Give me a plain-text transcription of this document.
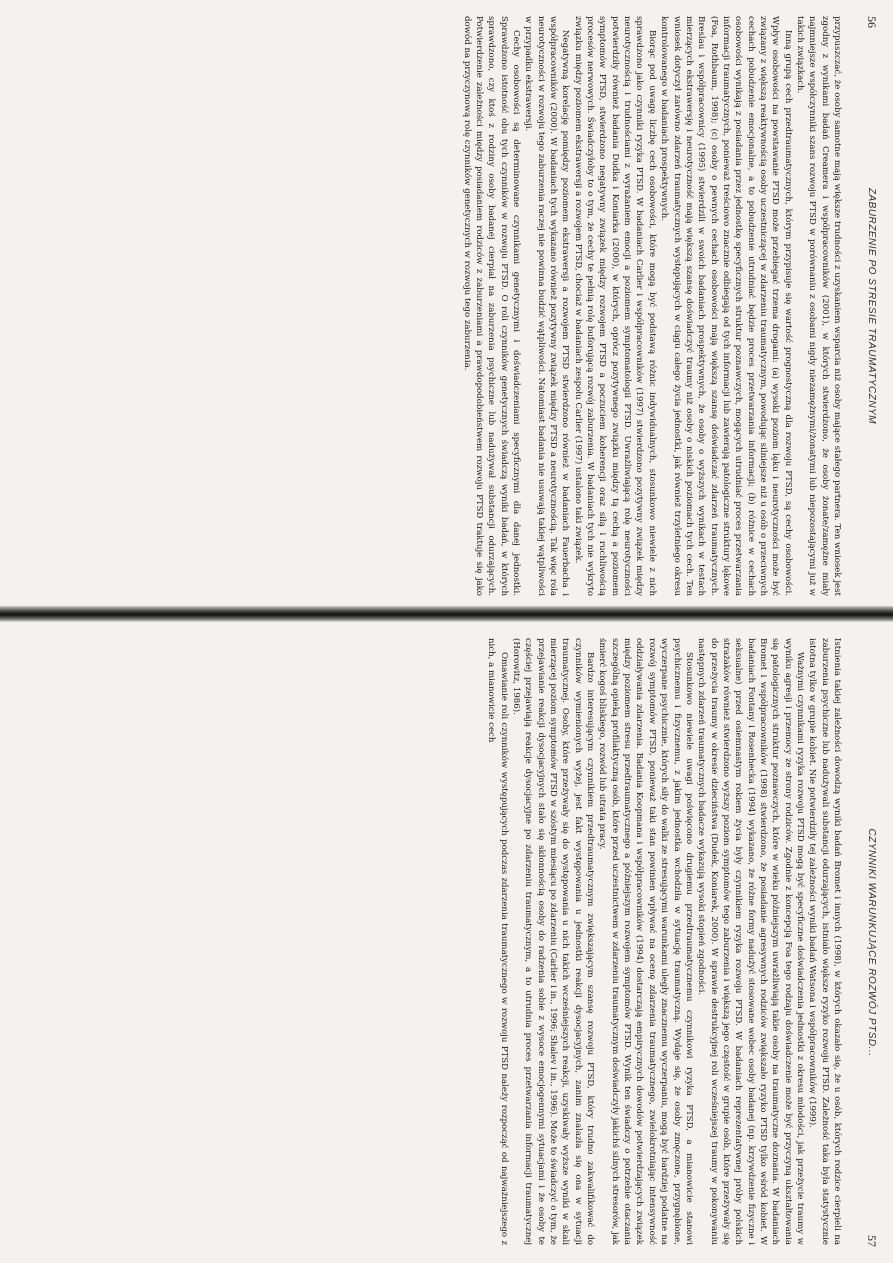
56
ZABURZENIE PO STRESIE TRAUMATYCZNYM

przypuszczać, że osoby samotne mają większe trudności z uzyskaniem wsparcia niż osoby mające stałego partnera. Ten wniosek jest zgodny z wynikami badań Creamera i współpracowników (2001), w których stwierdzono, że osoby żonate/zamężne miały najmniejsze współczynniki szans rozwoju PTSD w porównaniu z osobami nigdy niezamężnymi/żonatymi lub niepozostającymi już w takich związkach.

Inną grupą cech przedtraumatycznych, którym przypisuje się wartość prognostyczną dla rozwoju PTSD, są cechy osobowości. Wpływ osobowości na powstawanie PTSD może przebiegać trzema drogami: (a) wysoki poziom lęku i neurotyczności może być związany z większą reaktywnością osoby uczestniczącej w zdarzeniu traumatycznym, powodując silniejsze niż u osób o przeciwnych cechach pobudzenie emocjonalne, a to pobudzenie utrudniać będzie proces przetwarzania informacji; (b) różnice w cechach osobowości wynikają z posiadania przez jednostkę specyficznych struktur poznawczych, mogących utrudniać proces przetwarzania informacji traumatycznych, ponieważ treściowo znacznie odbiegają od tych informacji lub zawierają patologiczne struktury lękowe (Foa, Rothbaum, 1998); (c) osoby o pewnych cechach osobowości mają większą szansę doświadczać zdarzeń traumatycznych. Breslau i współpracownicy (1995) stwierdzili w swoich badaniach prospektywnych, że osoby o wyższych wynikach w testach mierzących ekstrawersję i neurotyczność mają większą szansę doświadczyć traumy niż osoby o niskich poziomach tych cech. Ten wniosek dotyczył zarówno zdarzeń traumatycznych występujących w ciągu całego życia jednostki, jak również trzyletniego okresu kontrolowanego w badaniach prospektywnych.

Biorąc pod uwagę liczbę cech osobowości, które mogą być podstawą różnic indywidualnych, stosunkowo niewiele z nich sprawdzono jako czynniki ryzyka PTSD. W badaniach Carlier i współpracowników (1997) stwierdzono pozytywny związek między neurotycznością i trudnościami z wyrażaniem emocji a poziomem symptomatologii PTSD. Uwrażliwiającą rolę neurotyczności potwierdziły również badania Dudka i Koniarka (2000), w których, oprócz pozytywnego związku między tą cechą a poziomem symptomów PTSD, stwierdzono negatywny związek między rozwojem PTSD a poczuciem koherencji oraz siłą i ruchliwością procesów nerwowych. Świadczyłoby to o tym, że cechy te pełnią rolę buforującą rozwój zaburzenia. W badaniach tych nie wykryto związku między poziomem ekstrawersji a rozwojem PTSD, chociaż w badaniach zespołu Carlier (1997) ustalono taki związek.

Negatywną korelację pomiędzy poziomem ekstrawersji a rozwojem PTSD stwierdzono również w badaniach Fauerbacha i współpracowników (2000). W badaniach tych wykazano również pozytywny związek między PTSD a neurotycznością. Tak więc rola neurotyczności w rozwoju tego zaburzenia raczej nie powinna budzić wątpliwości. Natomiast badania nie usuwają takiej wątpliwości w przypadku ekstrawersji.

Cechy osobowości są determinowane czynnikami genetycznymi i doświadczeniami specyficznymi dla danej jednostki. Sprawdzono istotność obu tych czynników w rozwoju PTSD. O roli czynników genetycznych świadczą wyniki badań, w których sprawdzono, czy ktoś z rodziny osoby badanej cierpiał na zaburzenia psychiczne lub nadużywał substancji odurzających. Potwierdzenie zależności między posiadaniem rodziców z zaburzeniami a prawdopodobieństwem rozwoju PTSD traktuje się jako dowód na przyczynową rolę czynników genetycznych w rozwoju tego zaburzenia.

CZYNNIKI WARUNKUJĄCE ROZWÓJ PTSD...
57

Istnienia takiej zależności dowodzą wyniki badań Bromet i innych (1998), w których okazało się, że u osób, których rodzice cierpieli na zaburzenia psychiczne lub nadużywali substancji odurzających, istniało większe ryzyko rozwoju PTSD. Zależność taka była statystycznie istotna tylko w grupie kobiet. Nie potwierdziły tej zależności wyniki badań Watsona i współpracowników (1999).

Ważnymi czynnikami ryzyka rozwoju PTSD mogą być specyficzne doświadczenia jednostki z okresu młodości, jak przeżycie traumy w wyniku agresji i przemocy ze strony rodziców. Zgodnie z koncepcją Foa tego rodzaju doświadczenie może być przyczyną ukształtowania się patologicznych struktur poznawczych, które w wieku późniejszym uwrażliwiają takie osoby na traumatyczne doznania. W badaniach Bromet i współpracowników (1998) stwierdzono, że posiadanie agresywnych rodziców zwiększało ryzyko PTSD tylko wśród kobiet. W badaniach Fontany i Rosenhecka (1994) wykazano, że różne formy nadużyć stosowane wobec osoby badanej (np. krzywdzenie fizyczne i seksualne) przed osiemnastym rokiem życia były czynnikiem ryzyka rozwoju PTSD. W badaniach reprezentatywnej próby polskich strażaków również stwierdzono wyższy poziom symptomów tego zaburzenia i większą jego częstość w grupie osób, które przeżywały się do przeżycia traumy w okresie dzieciństwa (Dudek, Koniarek, 2000). W sprawie destrukcyjnej roli wcześniejszej traumy w pokonywaniu następnych zdarzeń traumatycznych badacze wykazują wysoki stopień zgodności.

Stosunkowo niewiele uwagi poświęcono drugiemu przedtraumatycznemu czynnikowi ryzyka PTSD, a mianowicie stanowi psychicznemu i fizycznemu, z jakim jednostka wchodziła w sytuację traumatyczną. Wydaje się, że osoby zmęczone, przygnębione, wyczerpane psychicznie, których siły do walki ze stresującymi warunkami uległy znacznemu wyczerpaniu, mogą być bardziej podatne na rozwój symptomów PTSD, ponieważ taki stan powinien wpływać na ocenę zdarzenia traumatycznego, zwielokrotniając intensywność oddziaływania zdarzenia. Badania Koopmana i współpracowników (1994) dostarczają empirycznych dowodów potwierdzających związek między poziomem stresu przedtraumatycznego a późniejszym rozwojem symptomów PTSD. Wynik ten świadczy o potrzebie otaczania szczególną opieką profilaktyczną osób, które przed uczestnictwem w zdarzeniu traumatycznym doświadczyły jakichś silnych stresorów, jak śmierć kogoś bliskiego, rozwód lub utrata pracy.

Bardzo interesującym czynnikiem przedtraumatycznym zwiększającym szansę rozwoju PTSD, który trudno zakwalifikować do czynników wymienionych wyżej, jest fakt występowania u jednostki reakcji dysocjacyjnych, zanim znalazła się ona w sytuacji traumatycznej. Osoby, które przeżywały się do występowania u nich takich wcześniejszych reakcji, uzyskiwały wyższe wyniki w skali mierzącej poziom symptomów PTSD w szóstym miesiącu po zdarzeniu (Carlier i in., 1996; Shalev i in., 1996). Może to świadczyć o tym, że przejawianie reakcji dysocjacyjnych stało się skłonnością osoby do radzenia sobie z wysoce emocjogennymi sytuacjami i że osoby te częściej przejawiają reakcje dysocjacyjne po zdarzeniu traumatycznym, a to utrudnia proces przetwarzania informacji traumatycznej (Horowitz, 1986).

Omawianie roli czynników występujących podczas zdarzenia traumatycznego w rozwoju PTSD należy rozpocząć od najważniejszego z nich, a mianowicie cech
